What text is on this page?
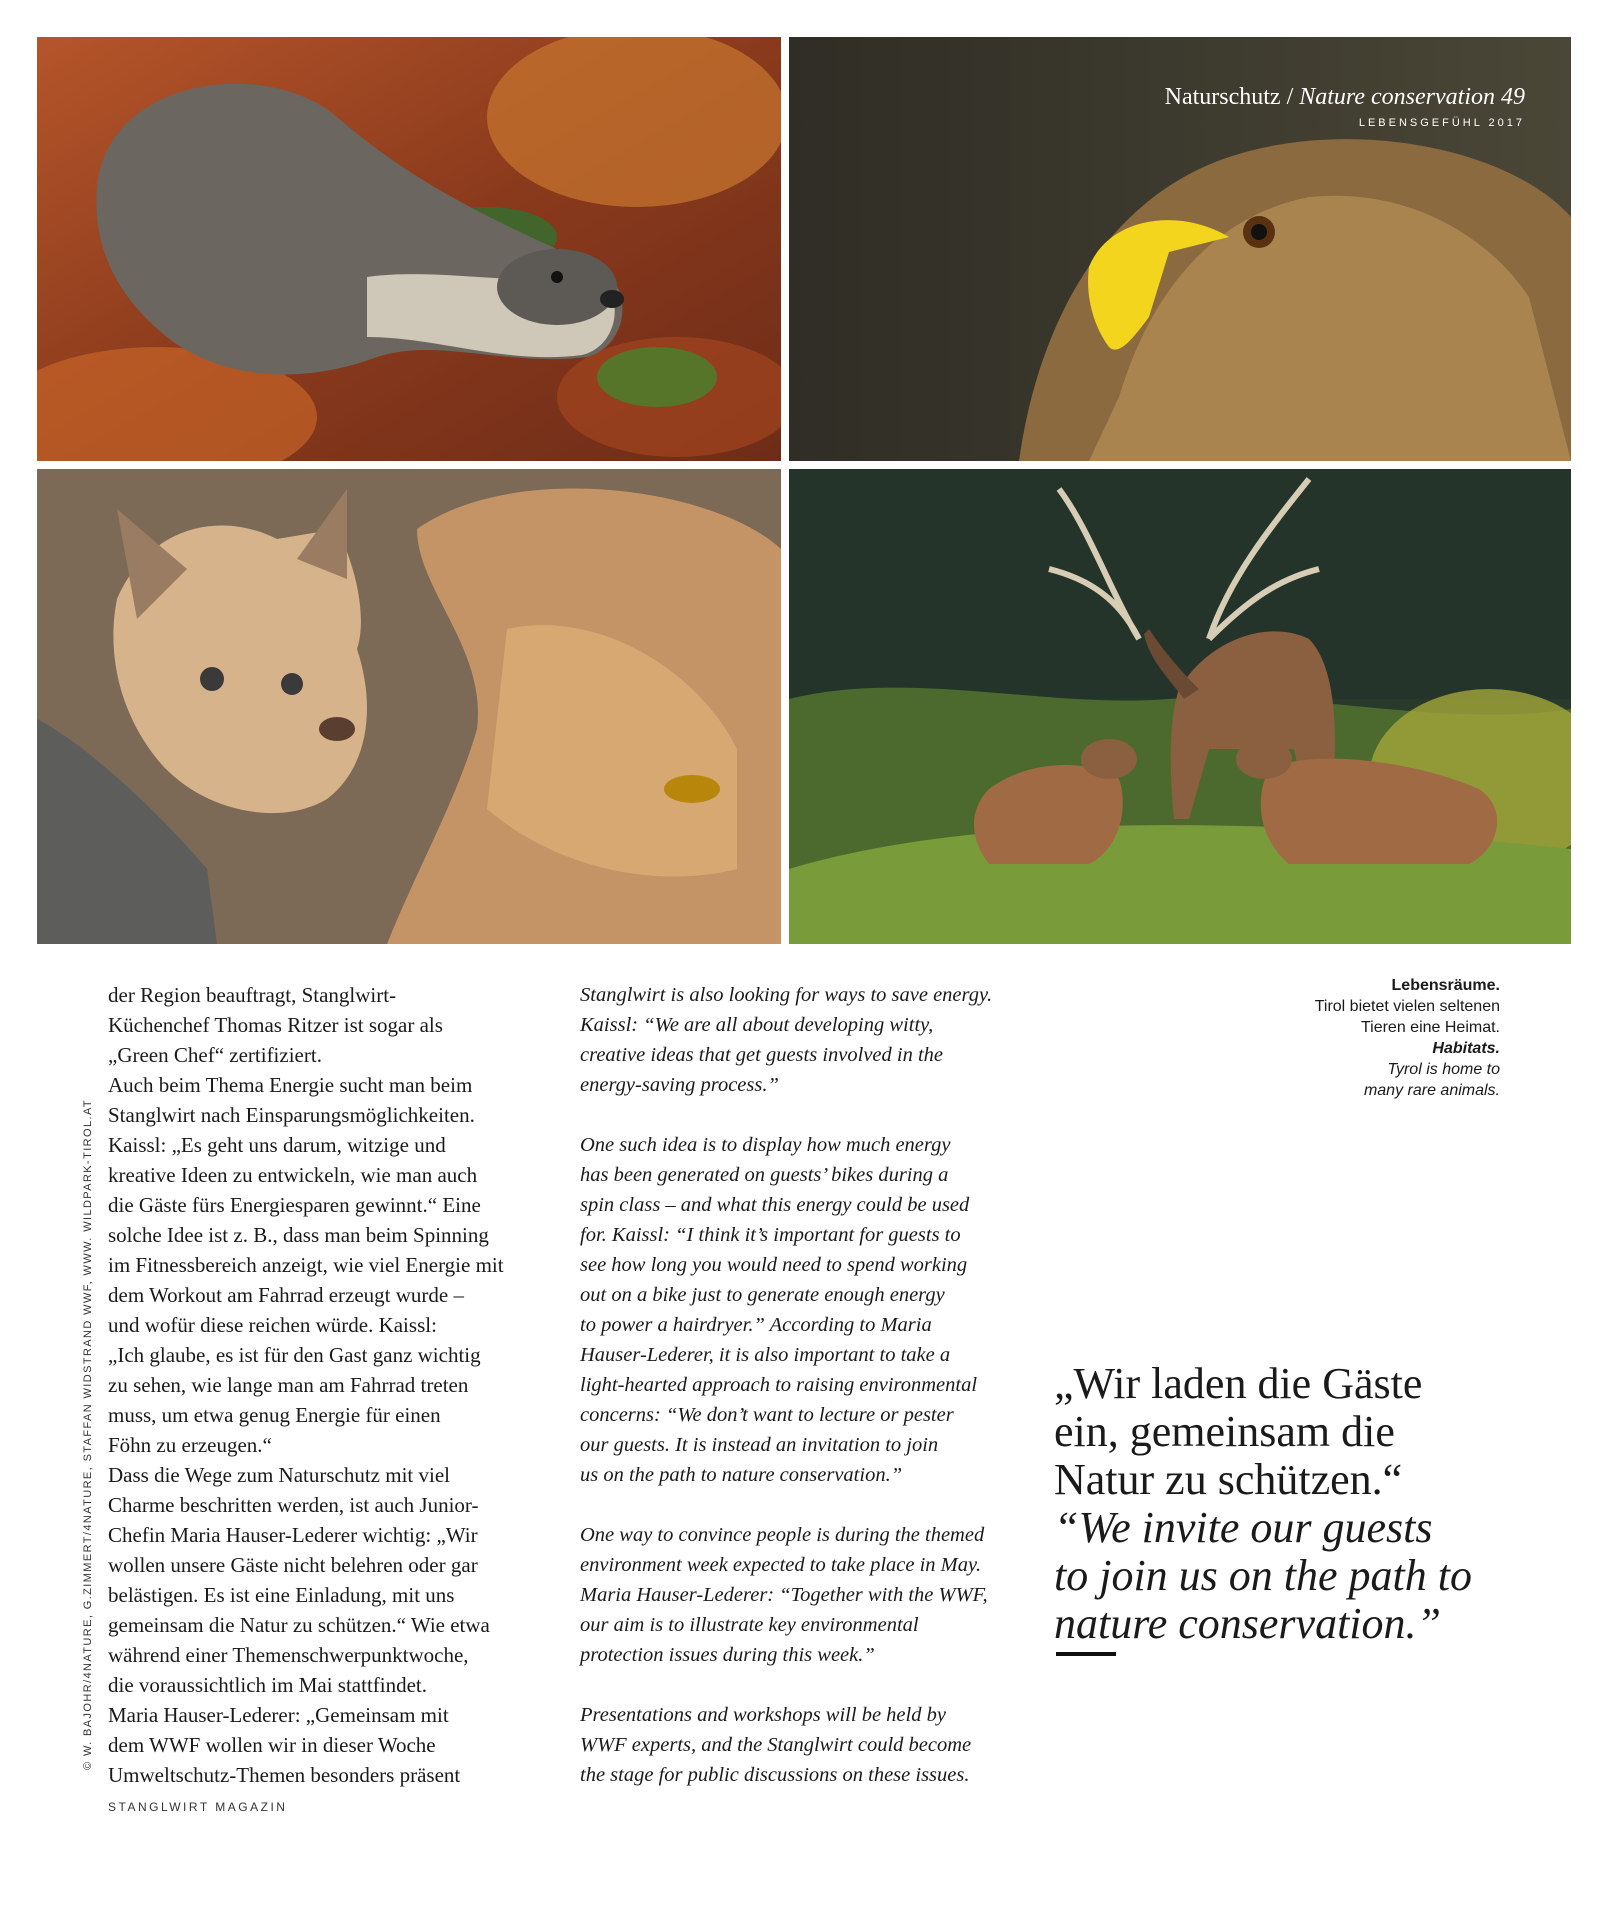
Naturschutz / Nature conservation 49
LEBENSGEFÜHL 2017
© W. BAJOHR/4NATURE, G.ZIMMERT/4NATURE, STAFFAN WIDSTRAND WWF, WWW. WILDPARK-TIROL.AT

der Region beauftragt, Stanglwirt-

Küchenchef Thomas Ritzer ist sogar als

„Green Chef“ zertifiziert.

Auch beim Thema Energie sucht man beim

Stanglwirt nach Einsparungsmöglichkeiten.

Kaissl: „Es geht uns darum, witzige und

kreative Ideen zu entwickeln, wie man auch

die Gäste fürs Energiesparen gewinnt.“ Eine

solche Idee ist z. B., dass man beim Spinning

im Fitnessbereich anzeigt, wie viel Energie mit

dem Workout am Fahrrad erzeugt wurde –

und wofür diese reichen würde. Kaissl:

„Ich glaube, es ist für den Gast ganz wichtig

zu sehen, wie lange man am Fahrrad treten

muss, um etwa genug Energie für einen

Föhn zu erzeugen.“

Dass die Wege zum Naturschutz mit viel

Charme beschritten werden, ist auch Junior-

Chefin Maria Hauser-Lederer wichtig: „Wir

wollen unsere Gäste nicht belehren oder gar

belästigen. Es ist eine Einladung, mit uns

gemeinsam die Natur zu schützen.“ Wie etwa

während einer Themenschwerpunktwoche,

die voraussichtlich im Mai stattfindet.

Maria Hauser-Lederer: „Gemeinsam mit

dem WWF wollen wir in dieser Woche

Umweltschutz-Themen besonders präsent

Stanglwirt is also looking for ways to save energy.
Kaissl: “We are all about developing witty,
creative ideas that get guests involved in the
energy-saving process.”

One such idea is to display how much energy
has been generated on guests’ bikes during a
spin class – and what this energy could be used
for. Kaissl: “I think it’s important for guests to
see how long you would need to spend working
out on a bike just to generate enough energy
to power a hairdryer.” According to Maria
Hauser-Lederer, it is also important to take a
light-hearted approach to raising environmental
concerns: “We don’t want to lecture or pester
our guests. It is instead an invitation to join
us on the path to nature conservation.”

One way to convince people is during the themed
environment week expected to take place in May.
Maria Hauser-Lederer: “Together with the WWF,
our aim is to illustrate key environmental
protection issues during this week.”

Presentations and workshops will be held by
WWF experts, and the Stanglwirt could become
the stage for public discussions on these issues.

Lebensräume.
Tirol bietet vielen seltenen
Tieren eine Heimat.
Habitats.
Tyrol is home to
many rare animals.
„Wir laden die Gäste
ein, gemeinsam die
Natur zu schützen.“
“We invite our guests
to join us on the path to
nature conservation.”
STANGLWIRT MAGAZIN
